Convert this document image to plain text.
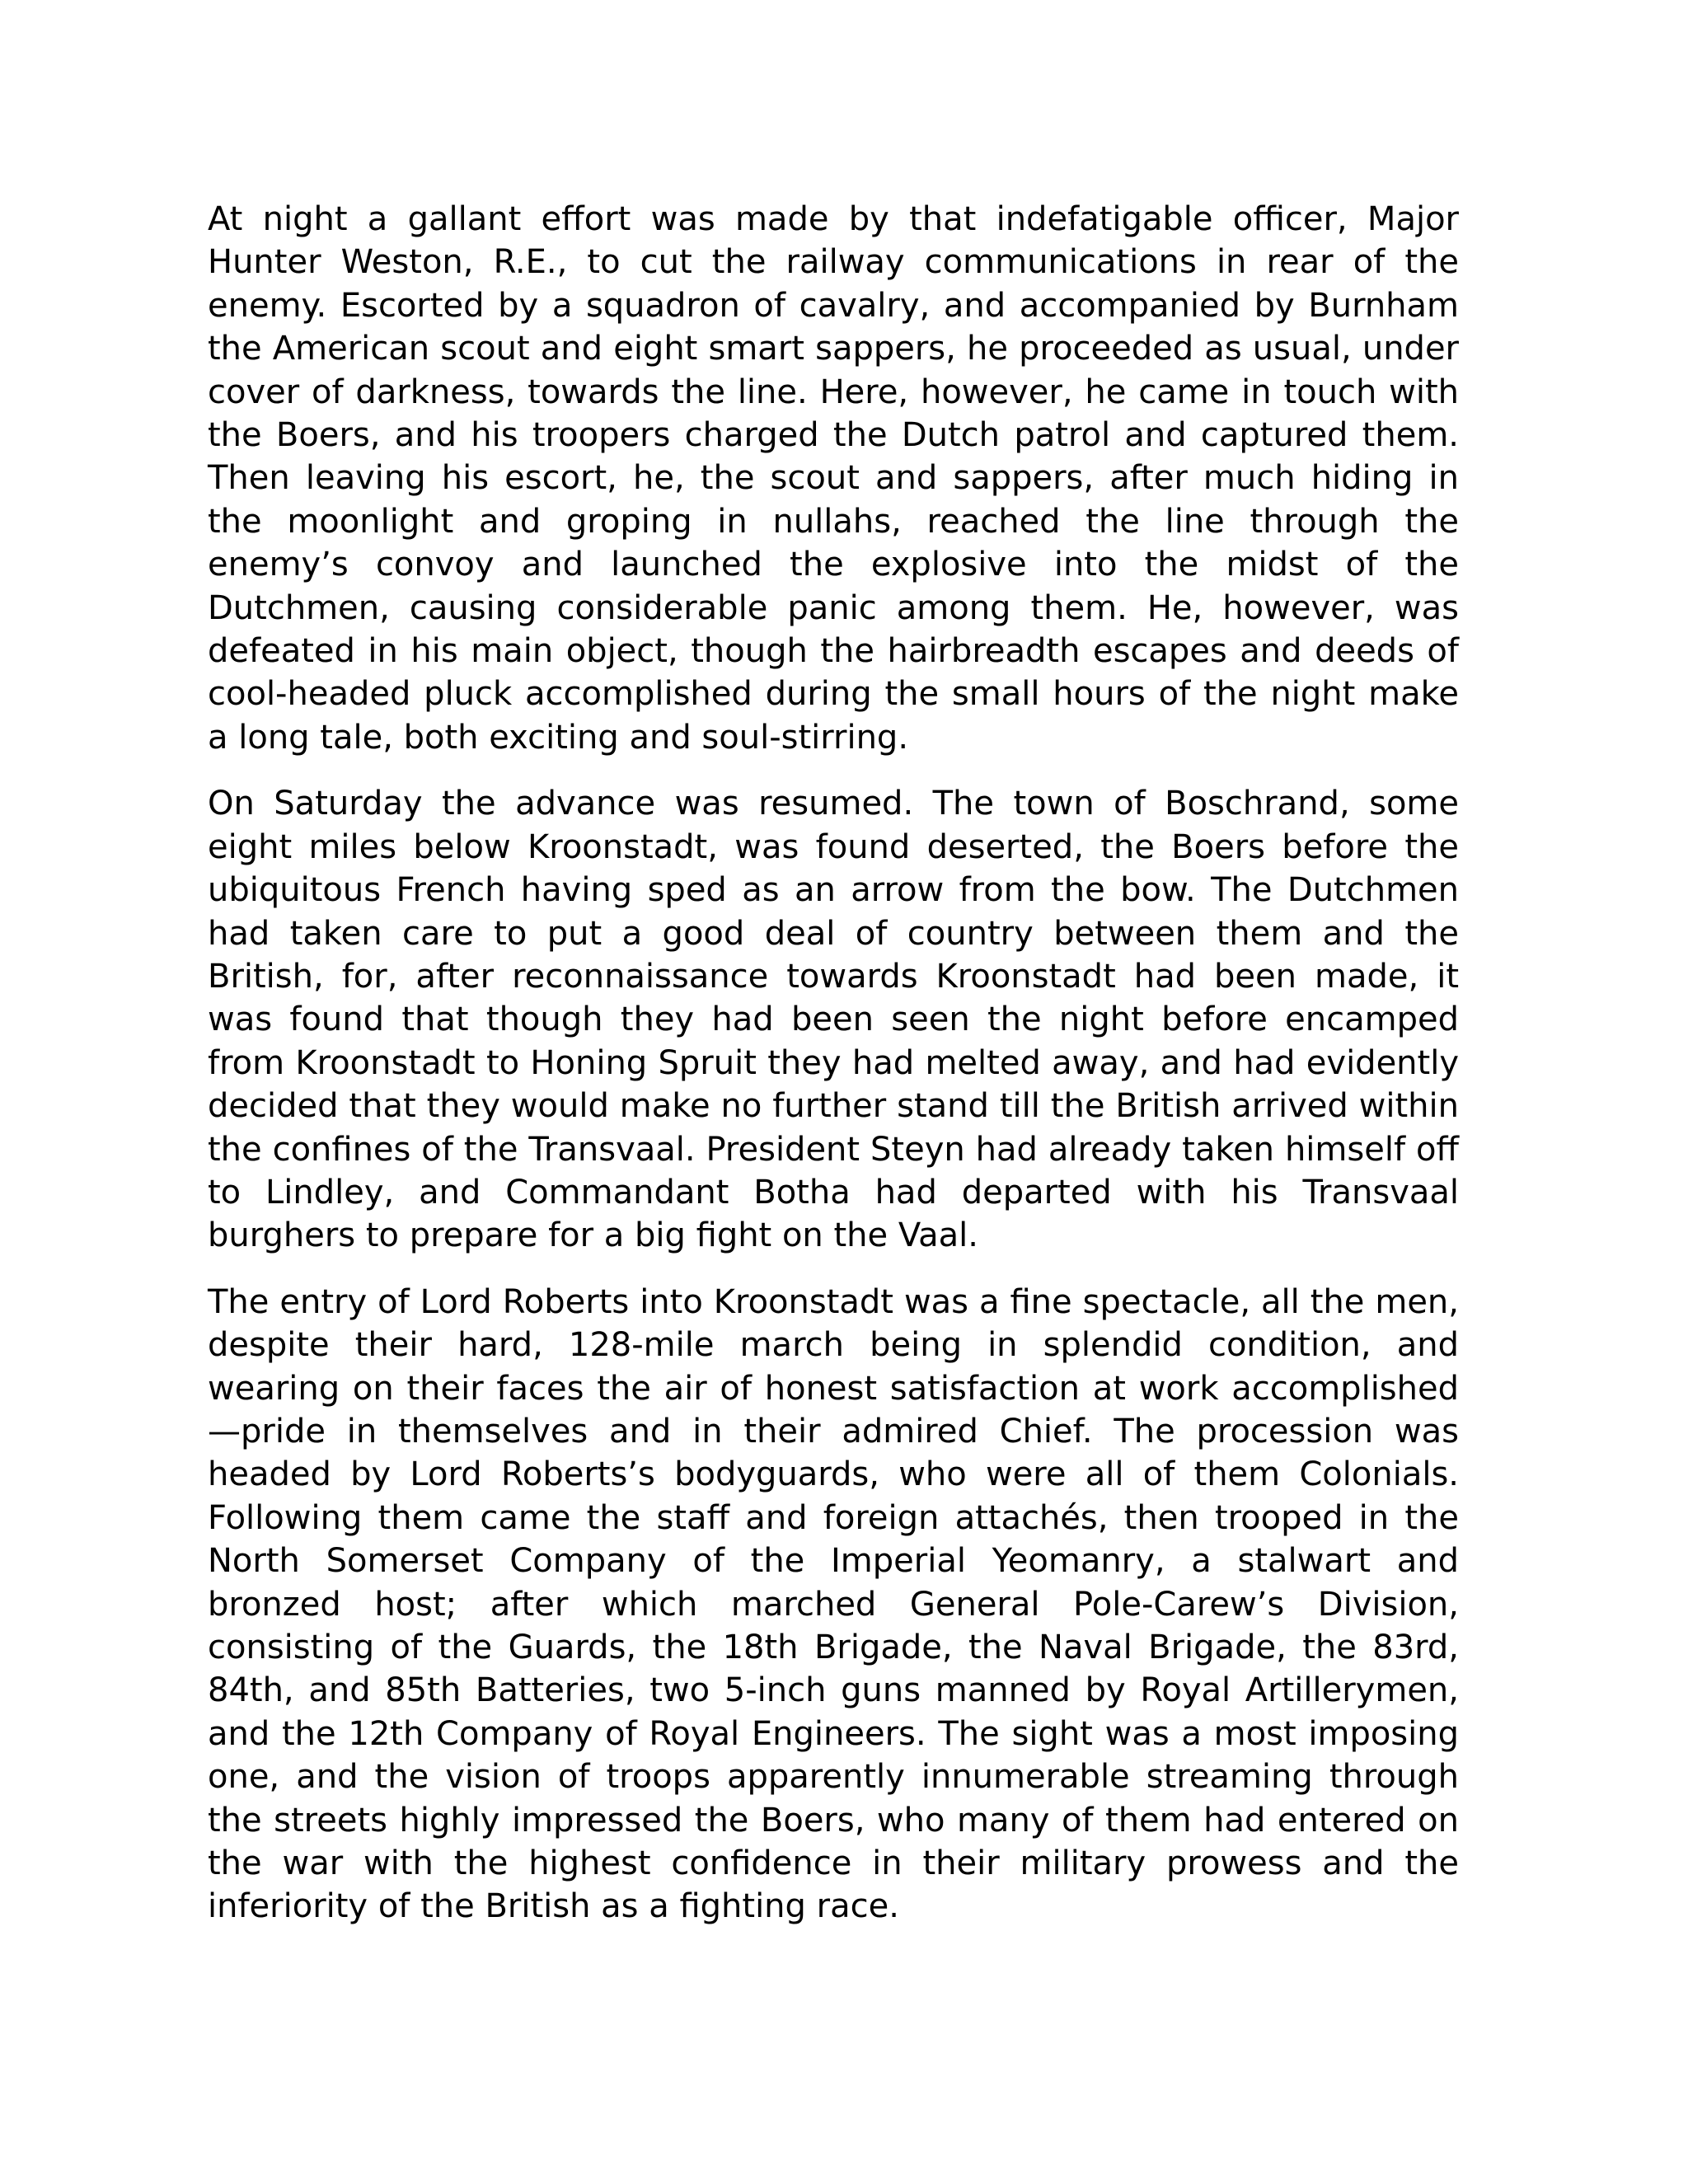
At night a gallant effort was made by that indefatigable officer, Major Hunter Weston, R.E., to cut the railway communications in rear of the enemy. Escorted by a squadron of cavalry, and accompanied by Burnham the American scout and eight smart sappers, he proceeded as usual, under cover of darkness, towards the line. Here, however, he came in touch with the Boers, and his troopers charged the Dutch patrol and captured them. Then leaving his escort, he, the scout and sappers, after much hiding in the moonlight and groping in nullahs, reached the line through the enemy’s convoy and launched the explosive into the midst of the Dutchmen, causing considerable panic among them. He, however, was defeated in his main object, though the hairbreadth escapes and deeds of cool-headed pluck accomplished during the small hours of the night make a long tale, both exciting and soul-stirring.

On Saturday the advance was resumed. The town of Boschrand, some eight miles below Kroonstadt, was found deserted, the Boers before the ubiquitous French having sped as an arrow from the bow. The Dutchmen had taken care to put a good deal of country between them and the British, for, after reconnaissance towards Kroonstadt had been made, it was found that though they had been seen the night before encamped from Kroonstadt to Honing Spruit they had melted away, and had evidently decided that they would make no further stand till the British arrived within the confines of the Transvaal. President Steyn had already taken himself off to Lindley, and Commandant Botha had departed with his Transvaal burghers to prepare for a big fight on the Vaal.

The entry of Lord Roberts into Kroonstadt was a fine spectacle, all the men, despite their hard, 128-mile march being in splendid condition, and wearing on their faces the air of honest satisfaction at work accomplished—pride in themselves and in their admired Chief. The procession was headed by Lord Roberts’s bodyguards, who were all of them Colonials. Following them came the staff and foreign attachés, then trooped in the North Somerset Company of the Imperial Yeomanry, a stalwart and bronzed host; after which marched General Pole-Carew’s Division, consisting of the Guards, the 18th Brigade, the Naval Brigade, the 83rd, 84th, and 85th Batteries, two 5-inch guns manned by Royal Artillerymen, and the 12th Company of Royal Engineers. The sight was a most imposing one, and the vision of troops apparently innumerable streaming through the streets highly impressed the Boers, who many of them had entered on the war with the highest confidence in their military prowess and the inferiority of the British as a fighting race.
